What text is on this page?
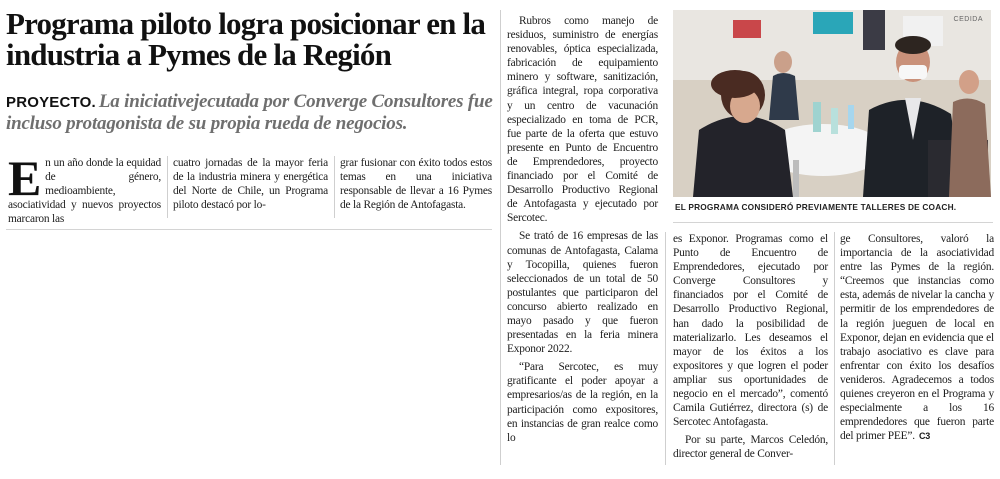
Programa piloto logra posicionar en la industria a Pymes de la Región

PROYECTO. La iniciativejecutada por Converge Consultores fue incluso protagonista de su propia rueda de negocios.

En un año donde la equidad de género, medioambiente, asociatividad y nuevos proyectos marcaron las

cuatro jornadas de la mayor feria de la industria minera y energética del Norte de Chile, un Programa piloto destacó por lo-

grar fusionar con éxito todos estos temas en una iniciativa responsable de llevar a 16 Pymes de la Región de Antofagasta.

Rubros como manejo de residuos, suministro de energías renovables, óptica especializada, fabricación de equipamiento minero y software, sanitización, gráfica integral, ropa corporativa y un centro de vacunación especializado en toma de PCR, fue parte de la oferta que estuvo presente en Punto de Encuentro de Emprendedores, proyecto financiado por el Comité de Desarrollo Productivo Regional de Antofagasta y ejecutado por Sercotec.

Se trató de 16 empresas de las comunas de Antofagasta, Calama y Tocopilla, quienes fueron seleccionados de un total de 50 postulantes que participaron del concurso abierto realizado en mayo pasado y que fueron presentadas en la feria minera Exponor 2022.

“Para Sercotec, es muy gratificante el poder apoyar a empresarios/as de la región, en la participación como expositores, en instancias de gran realce como lo

CEDIDA

EL PROGRAMA CONSIDERÓ PREVIAMENTE TALLERES DE COACH.

es Exponor. Programas como el Punto de Encuentro de Emprendedores, ejecutado por Converge Consultores y financiados por el Comité de Desarrollo Productivo Regional, han dado la posibilidad de materializarlo. Les deseamos el mayor de los éxitos a los expositores y que logren el poder ampliar sus oportunidades de negocio en el mercado”, comentó Camila Gutiérrez, directora (s) de Sercotec Antofagasta.

Por su parte, Marcos Celedón, director general de Conver-

ge Consultores, valoró la importancia de la asociatividad entre las Pymes de la región. “Creemos que instancias como esta, además de nivelar la cancha y permitir de los emprendedores de la región jueguen de local en Exponor, dejan en evidencia que el trabajo asociativo es clave para enfrentar con éxito los desafíos venideros. Agradecemos a todos quienes creyeron en el Programa y especialmente a los 16 emprendedores que fueron parte del primer PEE”. C3
